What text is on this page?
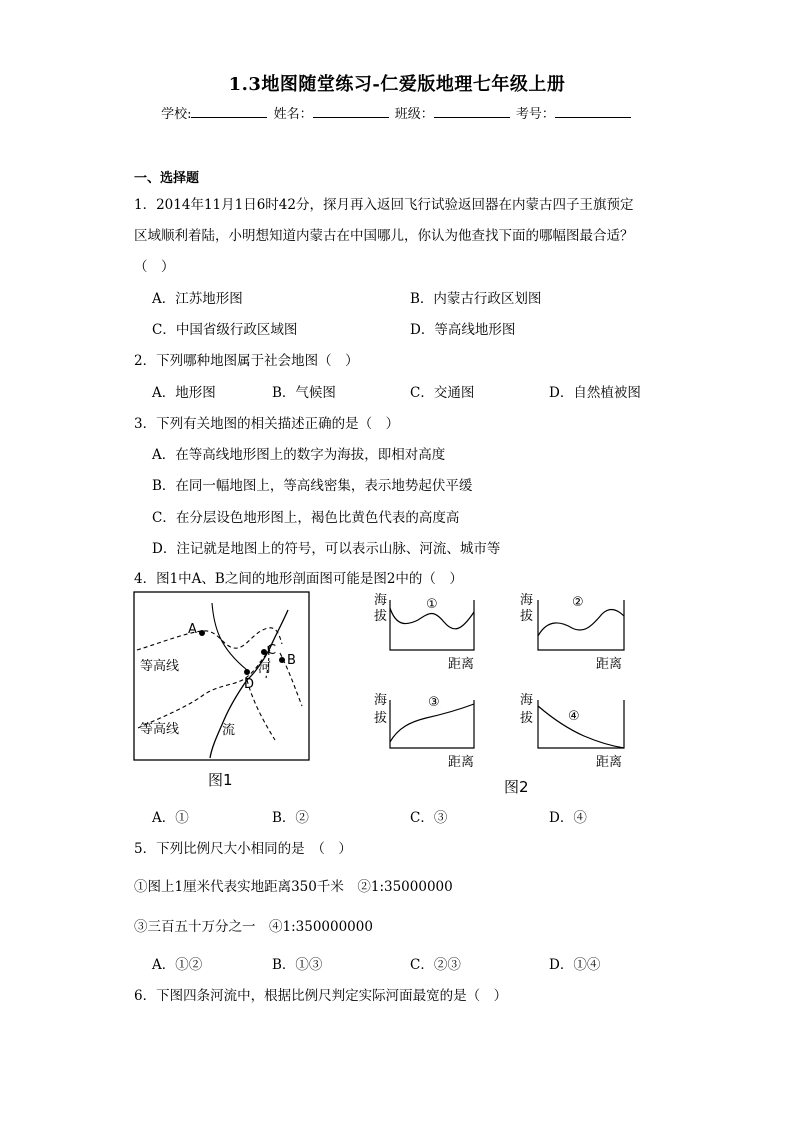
1.3地图随堂练习-仁爱版地理七年级上册
学校:	姓名：	班级：	考号：
一、选择题
1．2014年11月1日6时42分，探月再入返回飞行试验返回器在内蒙古四子王旗预定
区域顺利着陆，小明想知道内蒙古在中国哪儿，你认为他查找下面的哪幅图最合适？
（　）
A．江苏地形图	B．内蒙古行政区划图
C．中国省级行政区域图	D．等高线地形图
2．下列哪种地图属于社会地图（　）
A．地形图	B．气候图	C．交通图	D．自然植被图
3．下列有关地图的相关描述正确的是（　）
A．在等高线地形图上的数字为海拔，即相对高度
B．在同一幅地图上，等高线密集，表示地势起伏平缓
C．在分层设色地形图上，褐色比黄色代表的高度高
D．注记就是地图上的符号，可以表示山脉、河流、城市等
4．图1中A、B之间的地形剖面图可能是图2中的（　）
A
B
C
D
等高线
等高线
河
流
图1
海
拔
①
距离
海
拔
②
距离
海
拔
③
距离
海
拔	④
距离
图2
A．①	B．②	C．③	D．④
5．下列比例尺大小相同的是　（　）
①图上1厘米代表实地距离350千米　②1:35000000
③三百五十万分之一　④1:350000000
A．①②	B．①③	C．②③	D．①④
6．下图四条河流中，根据比例尺判定实际河面最宽的是（　）
